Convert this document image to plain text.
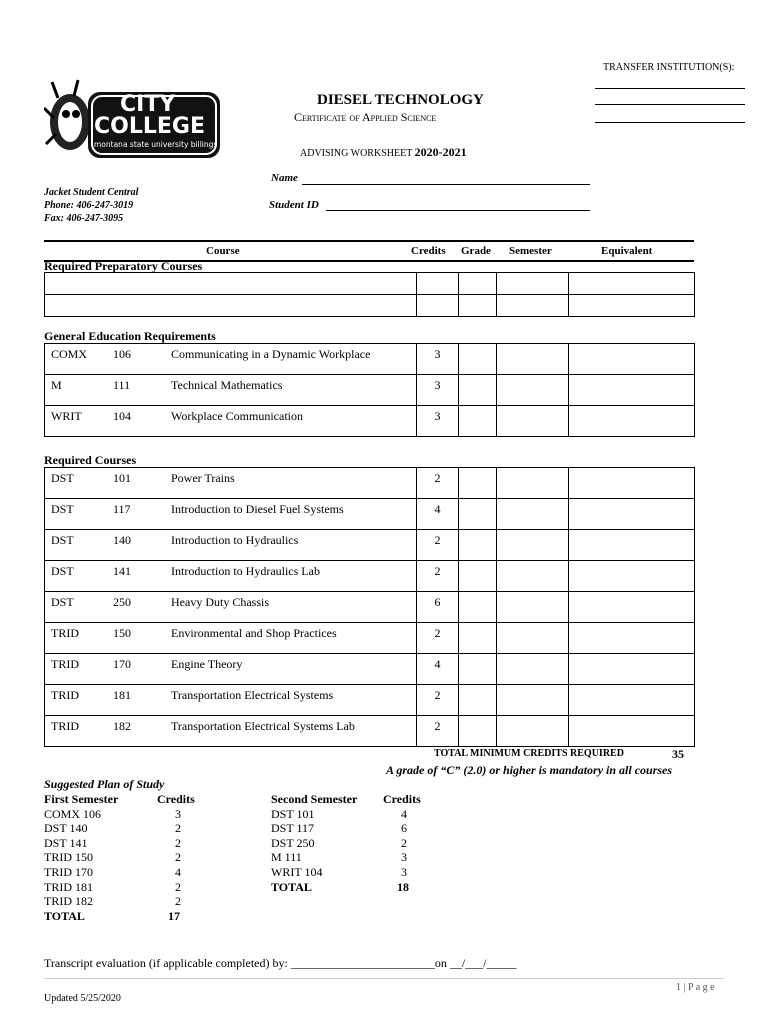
TRANSFER INSTITUTION(S):
CITY
COLLEGE
montana state university billings
DIESEL TECHNOLOGY
Certificate of Applied Science
ADVISING WORKSHEET 2020-2021
Name
Student ID
Jacket Student Central
Phone: 406-247-3019
Fax: 406-247-3095
Course	Credits Grade Semester	Equivalent
Required Preparatory Courses

General Education Requirements
COMX 106 Communicating in a Dynamic Workplace	3			

M 111 Technical Mathematics	3			

WRIT 104 Workplace Communication	3			

Required Courses
DST 101 Power Trains	2			

DST 117 Introduction to Diesel Fuel Systems	4			

DST 140 Introduction to Hydraulics	2			

DST 141 Introduction to Hydraulics Lab	2			

DST 250 Heavy Duty Chassis	6			

TRID 150 Environmental and Shop Practices	2			

TRID 170 Engine Theory	4			

TRID 181 Transportation Electrical Systems	2			

TRID 182 Transportation Electrical Systems Lab	2			

TOTAL MINIMUM CREDITS REQUIRED	35
A grade of “C” (2.0) or higher is mandatory in all courses
Suggested Plan of Study
First Semester	Credits
COMX 106	3
DST 140	2
DST 141	2
TRID 150	2
TRID 170	4
TRID 181	2
TRID 182	2
TOTAL	17
Second Semester	Credits
DST 101	4
DST 117	6
DST 250	2
M 111	3
WRIT 104	3
TOTAL	18
Transcript evaluation (if applicable completed) by: ________________________on __/___/_____
1 | P a g e
Updated 5/25/2020
